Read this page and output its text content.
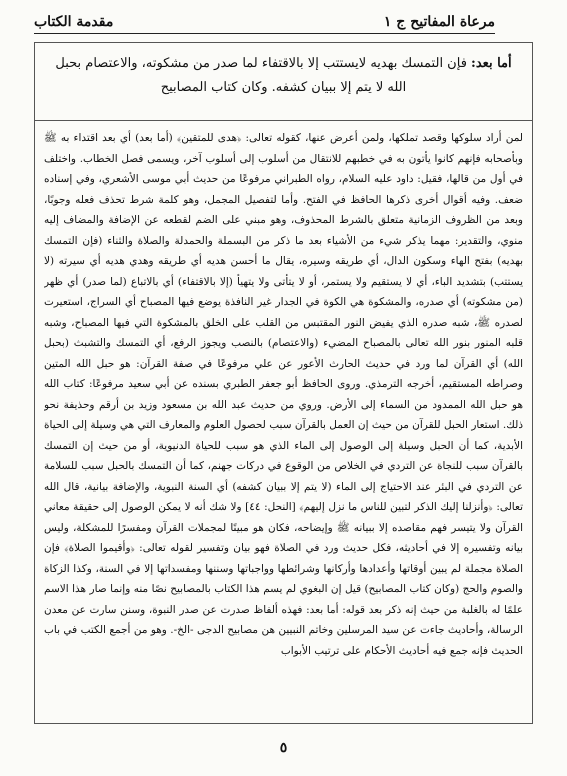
مقدمة الكتاب	مرعاة المفاتيح ج ١
أما بعد: فإن التمسك بهديه لايستتب إلا بالاقتفاء لما صدر من مشكوته، والاعتصام بحبل الله لا يتم إلا ببيان كشفه. وكان كتاب المصابيح

لمن أراد سلوكها وقصد تملكها، ولمن أعرض عنها، كقوله تعالى: ﴿هدى للمتقين﴾ (أما بعد) أي بعد اقتداء به ﷺ وبأصحابه فإنهم كانوا يأتون به في خطبهم للانتقال من أسلوب إلى أسلوب آخر، ويسمى فصل الخطاب. واختلف في أول من قالها، فقيل: داود عليه السلام، رواه الطبراني مرفوعًا من حديث أبي موسى الأشعري، وفي إسناده ضعف. وفيه أقوال أخرى ذكرها الحافظ في الفتح. وأما لتفصيل المجمل، وهو كلمة شرط تحذف فعله وجوبًا، وبعد من الظروف الزمانية متعلق بالشرط المحذوف، وهو مبني على الضم لقطعه عن الإضافة والمضاف إليه منوي، والتقدير: مهما يذكر شيء من الأشياء بعد ما ذكر من البسملة والحمدلة والصلاة والثناء (فإن التمسك بهديه) بفتح الهاء وسكون الدال، أي طريقه وسيره، يقال ما أحسن هديه أي طريقه وهدي هديه أي سيرته (لا يستتب) بتشديد الباء، أي لا يستقيم ولا يستمر، أو لا يتأتى ولا يتهيأ (إلا بالاقتفاء) أي بالاتباع (لما صدر) أي ظهر (من مشكوته) أي صدره، والمشكوة هي الكوة في الجدار غير النافذة يوضع فيها المصباح أي السراج، استعيرت لصدره ﷺ، شبه صدره الذي يفيض النور المقتبس من القلب على الخلق بالمشكوة التي فيها المصباح، وشبه قلبه المنور بنور الله تعالى بالمصباح المضيء (والاعتصام) بالنصب ويجوز الرفع، أي التمسك والتشبث (بحبل الله) أي القرآن لما ورد في حديث الحارث الأعور عن علي مرفوعًا في صفة القرآن: هو حبل الله المتين وصراطه المستقيم، أخرجه الترمذي. وروى الحافظ أبو جعفر الطبري بسنده عن أبي سعيد مرفوعًا: كتاب الله هو حبل الله الممدود من السماء إلى الأرض. وروي من حديث عبد الله بن مسعود وزيد بن أرقم وحذيفة نحو ذلك. استعار الحبل للقرآن من حيث إن العمل بالقرآن سبب لحصول العلوم والمعارف التي هي وسيلة إلى الحياة الأبدية، كما أن الحبل وسيلة إلى الوصول إلى الماء الذي هو سبب للحياة الدنيوية، أو من حيث إن التمسك بالقرآن سبب للنجاة عن التردي في الخلاص من الوقوع في دركات جهنم، كما أن التمسك بالحبل سبب للسلامة عن التردي في البئر عند الاحتياج إلى الماء (لا يتم إلا ببيان كشفه) أي السنة النبوية، والإضافة بيانية، قال الله تعالى: ﴿وأنزلنا إليك الذكر لتبين للناس ما نزل إليهم﴾ [النحل: ٤٤] ولا شك أنه لا يمكن الوصول إلى حقيقة معاني القرآن ولا يتيسر فهم مقاصده إلا ببيانه ﷺ وإيضاحه، فكان هو مبينًا لمجملات القرآن ومفسرًا للمشكلة، وليس بيانه وتفسيره إلا في أحاديثه، فكل حديث ورد في الصلاة فهو بيان وتفسير لقوله تعالى: ﴿وأقيموا الصلاة﴾ فإن الصلاة مجملة لم يبين أوقاتها وأعدادها وأركانها وشرائطها وواجباتها وسننها ومفسداتها إلا في السنة، وكذا الزكاة والصوم والحج (وكان كتاب المصابيح) قيل إن البغوي لم يسم هذا الكتاب بالمصابيح نصًا منه وإنما صار هذا الاسم علمًا له بالغلبة من حيث إنه ذكر بعد قوله: أما بعد: فهذه ألفاظ صدرت عن صدر النبوة، وسنن سارت عن معدن الرسالة، وأحاديث جاءت عن سيد المرسلين وخاتم النبيين هن مصابيح الدجى -الخ-. وهو من أجمع الكتب في باب الحديث فإنه جمع فيه أحاديث الأحكام على ترتيب الأبواب

٥
